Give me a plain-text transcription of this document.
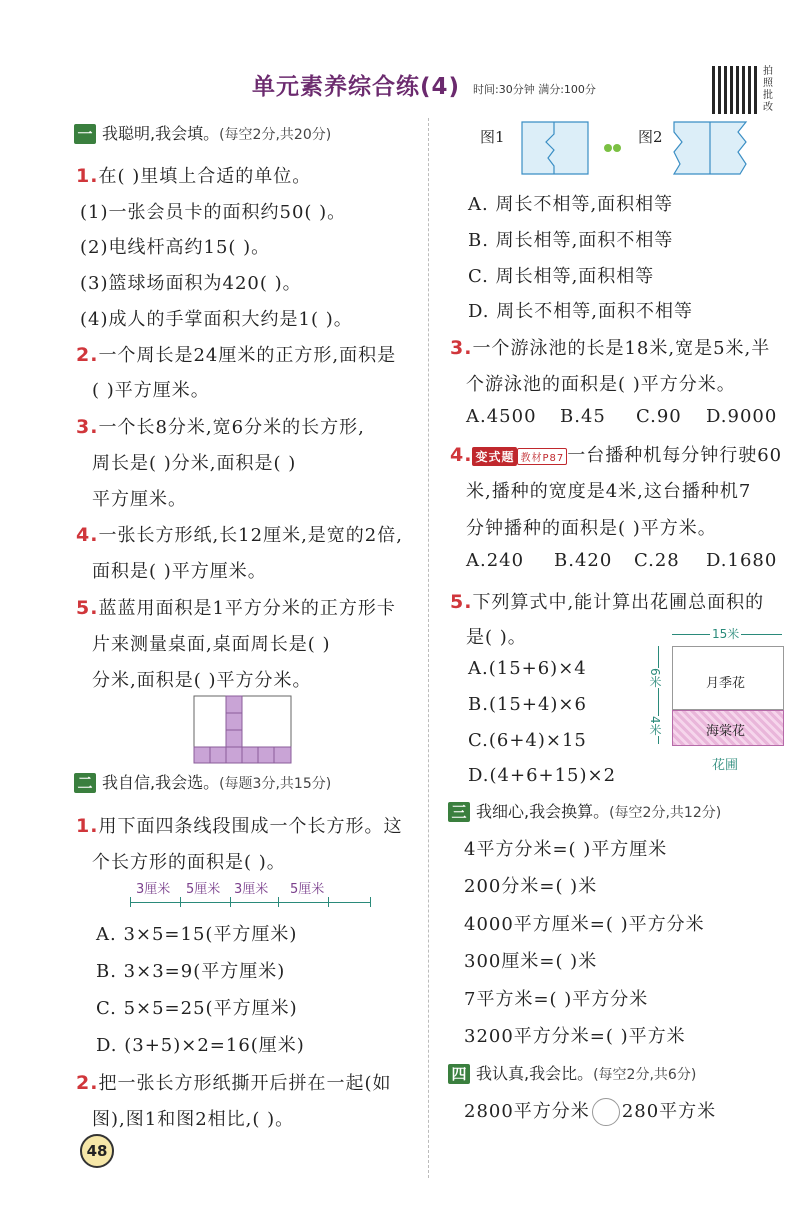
单元素养综合练(4) 时间:30分钟 满分:100分
拍照批改
一 我聪明,我会填。(每空2分,共20分)
1.在( )里填上合适的单位。
(1)一张会员卡的面积约50( )。
(2)电线杆高约15( )。
(3)篮球场面积为420( )。
(4)成人的手掌面积大约是1( )。
2.一个周长是24厘米的正方形,面积是
( )平方厘米。
3.一个长8分米,宽6分米的长方形,
周长是( )分米,面积是( )
平方厘米。
4.一张长方形纸,长12厘米,是宽的2倍,
面积是( )平方厘米。
5.蓝蓝用面积是1平方分米的正方形卡
片来测量桌面,桌面周长是( )
分米,面积是( )平方分米。
二 我自信,我会选。(每题3分,共15分)
1.用下面四条线段围成一个长方形。这
个长方形的面积是( )。
3厘米 5厘米 3厘米 5厘米
A. 3×5=15(平方厘米)
B. 3×3=9(平方厘米)
C. 5×5=25(平方厘米)
D. (3+5)×2=16(厘米)
2.把一张长方形纸撕开后拼在一起(如
图),图1和图2相比,( )。
48
图1	图2
A. 周长不相等,面积相等
B. 周长相等,面积不相等
C. 周长相等,面积相等
D. 周长不相等,面积不相等
3.一个游泳池的长是18米,宽是5米,半
个游泳池的面积是( )平方分米。
A.4500 B.45 C.90 D.9000
4. 变式题 教材P87 一台播种机每分钟行驶60
米,播种的宽度是4米,这台播种机7
分钟播种的面积是( )平方米。
A.240 B.420 C.28 D.1680
5.下列算式中,能计算出花圃总面积的
是( )。
A.(15+6)×4
B.(15+4)×6
C.(6+4)×15
D.(4+6+15)×2
15米
月季花
海棠花
6米
4米
花圃
三 我细心,我会换算。(每空2分,共12分)
4平方分米=( )平方厘米
200分米=( )米
4000平方厘米=( )平方分米
300厘米=( )米
7平方米=( )平方分米
3200平方分米=( )平方米
四 我认真,我会比。(每空2分,共6分)
2800平方分米 280平方米
